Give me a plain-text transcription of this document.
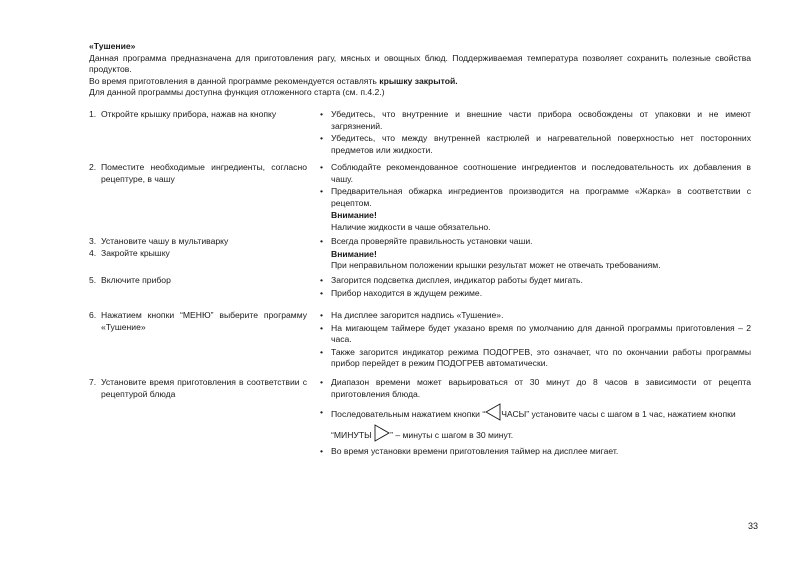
«Тушение»

Данная программа предназначена для приготовления рагу, мясных и овощных блюд. Поддерживаемая температура позволяет сохранить полезные свойства продуктов.

Во время приготовления в данной программе рекомендуется оставлять крышку закрытой.

Для данной программы доступна функция отложенного старта (см. п.4.2.)

1. Откройте крышку прибора, нажав на кнопку	• Убедитесь, что внутренние и внешние части прибора освобождены от упаковки и не имеют загрязнений.
• Убедитесь, что между внутренней кастрюлей и нагревательной поверхностью нет посторонних предметов или жидкости.
2. Поместите необходимые ингредиенты, согласно рецептуре, в чашу
• Соблюдайте рекомендованное соотношение ингредиентов и последовательность их добавления в чашу.
• Предварительная обжарка ингредиентов производится на программе «Жарка» в соответствии с рецептом.
Внимание!
Наличие жидкости в чаше обязательно.
3. Установите чашу в мультиварку
4. Закройте крышку
• Всегда проверяйте правильность установки чаши.
Внимание!
При неправильном положении крышки результат может не отвечать требованиям.
5. Включите прибор	• Загорится подсветка дисплея, индикатор работы будет мигать.
• Прибор находится в ждущем режиме.
6. Нажатием кнопки “МЕНЮ” выберите программу «Тушение»
• На дисплее загорится надпись «Тушение».
• На мигающем таймере будет указано время по умолчанию для данной программы приготовления – 2 часа.
• Также загорится индикатор режима ПОДОГРЕВ, это означает, что по окончании работы программы прибор перейдет в режим ПОДОГРЕВ автоматически.
7. Установите время приготовления в соответствии с рецептурой блюда
• Диапазон времени может варьироваться от 30 минут до 8 часов в зависимости от рецепта приготовления блюда.
• Последовательным нажатием кнопки “ ЧАСЫ” установите часы с шагом в 1 час, нажатием кнопки
“МИНУТЫ ” – минуты с шагом в 30 минут.
• Во время установки времени приготовления таймер на дисплее мигает.
33
